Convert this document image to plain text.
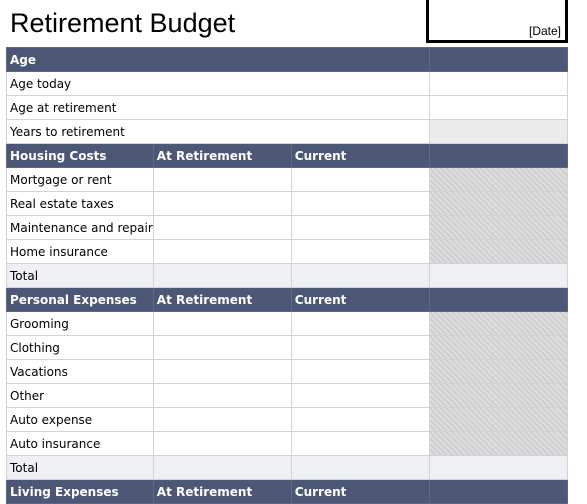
Retirement Budget	[Date]
Age			
Age today			
Age at retirement			
Years to retirement			
Housing Costs	At Retirement	Current	
Mortgage or rent			
Real estate taxes			
Maintenance and repair			
Home insurance			
Total			
Personal Expenses	At Retirement	Current	
Grooming			
Clothing			
Vacations			
Other			
Auto expense			
Auto insurance			
Total			
Living Expenses	At Retirement	Current	
